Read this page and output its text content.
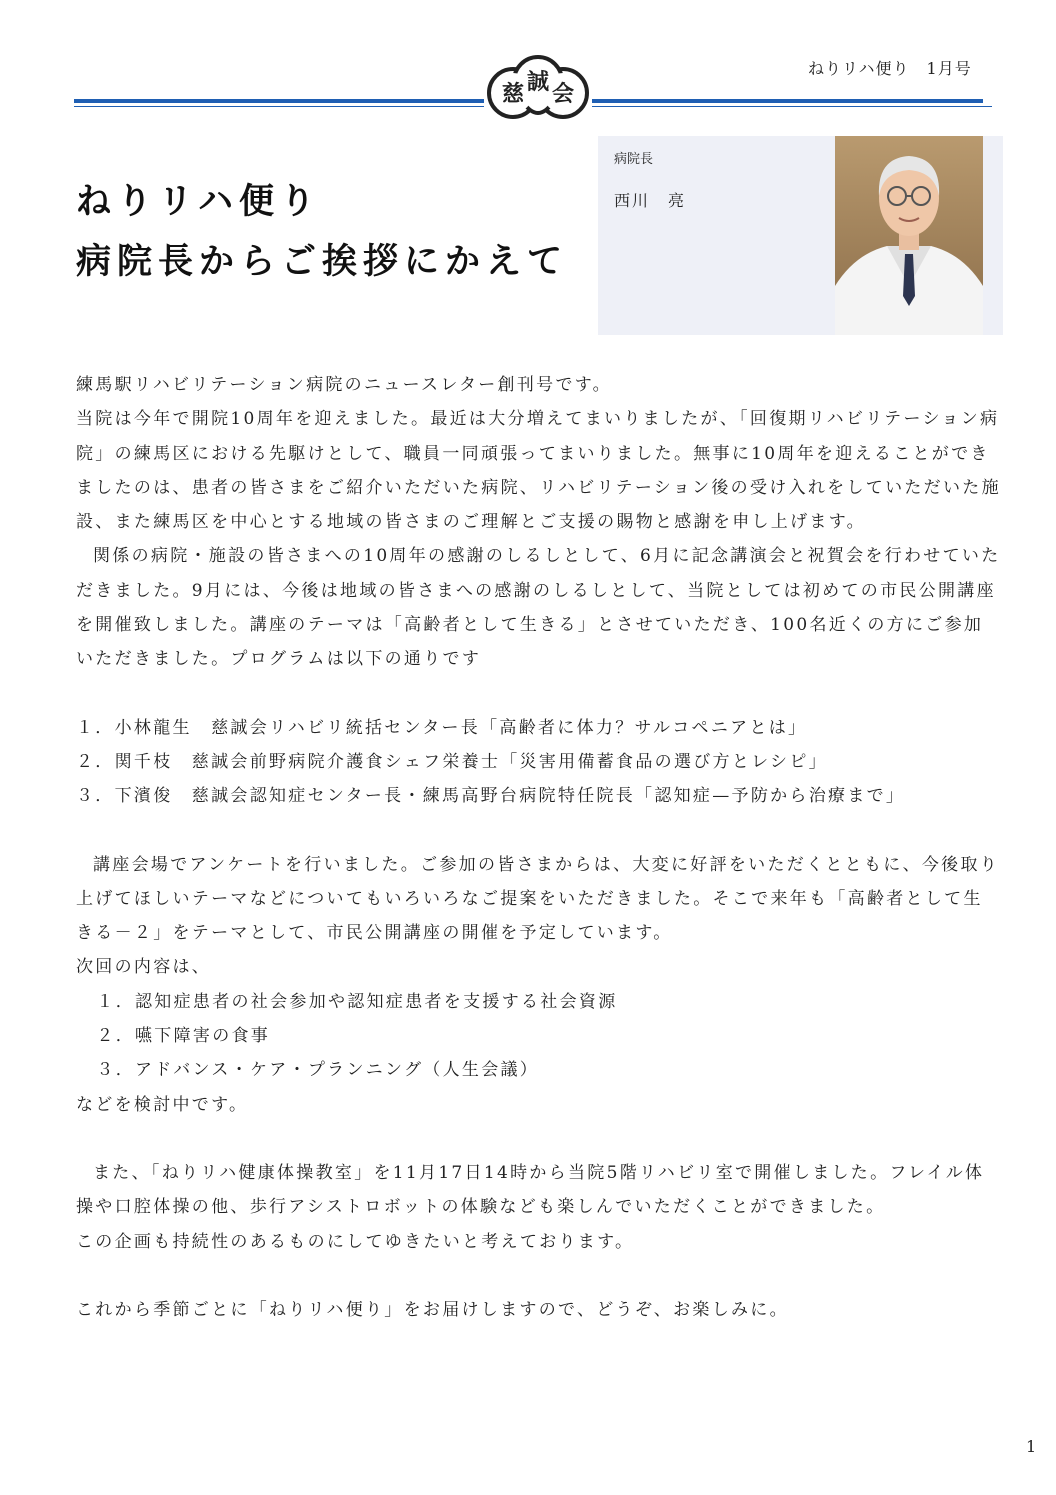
ねりリハ便り　1月号
慈 誠 会
ねりリハ便り
病院長からご挨拶にかえて
病院長
西川　亮

練馬駅リハビリテーション病院のニュースレター創刊号です。

当院は今年で開院10周年を迎えました。最近は大分増えてまいりましたが、「回復期リハビリテーション病院」の練馬区における先駆けとして、職員一同頑張ってまいりました。無事に10周年を迎えることができましたのは、患者の皆さまをご紹介いただいた病院、リハビリテーション後の受け入れをしていただいた施設、また練馬区を中心とする地域の皆さまのご理解とご支援の賜物と感謝を申し上げます。

関係の病院・施設の皆さまへの10周年の感謝のしるしとして、6月に記念講演会と祝賀会を行わせていただきました。9月には、今後は地域の皆さまへの感謝のしるしとして、当院としては初めての市民公開講座を開催致しました。講座のテーマは「高齢者として生きる」とさせていただき、100名近くの方にご参加いただきました。プログラムは以下の通りです

１．小林龍生　慈誠会リハビリ統括センター長「高齢者に体力？サルコペニアとは」

２．関千枝　慈誠会前野病院介護食シェフ栄養士「災害用備蓄食品の選び方とレシピ」

３．下濱俊　慈誠会認知症センター長・練馬高野台病院特任院長「認知症—予防から治療まで」

講座会場でアンケートを行いました。ご参加の皆さまからは、大変に好評をいただくとともに、今後取り上げてほしいテーマなどについてもいろいろなご提案をいただきました。そこで来年も「高齢者として生きる－２」をテーマとして、市民公開講座の開催を予定しています。

次回の内容は、

１．認知症患者の社会参加や認知症患者を支援する社会資源

２．嚥下障害の食事

３．アドバンス・ケア・プランニング（人生会議）

などを検討中です。

また、「ねりリハ健康体操教室」を11月17日14時から当院5階リハビリ室で開催しました。フレイル体操や口腔体操の他、歩行アシストロボットの体験なども楽しんでいただくことができました。

この企画も持続性のあるものにしてゆきたいと考えております。

これから季節ごとに「ねりリハ便り」をお届けしますので、どうぞ、お楽しみに。

1
